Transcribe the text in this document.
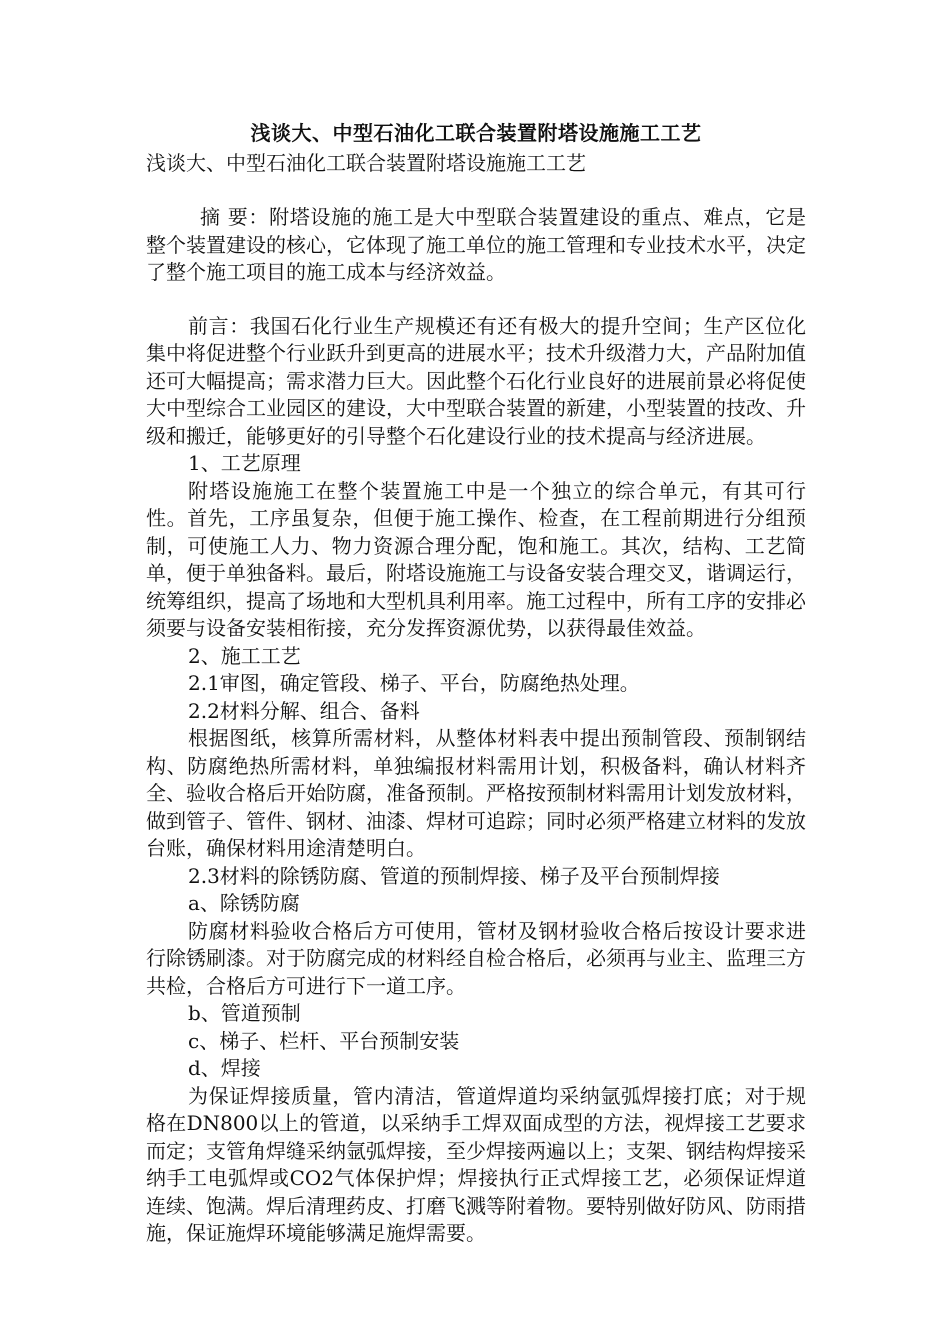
浅谈大、中型石油化工联合装置附塔设施施工工艺

浅谈大、中型石油化工联合装置附塔设施施工工艺

摘 要：附塔设施的施工是大中型联合装置建设的重点、难点，它是整个装置建设的核心，它体现了施工单位的施工管理和专业技术水平，决定了整个施工项目的施工成本与经济效益。

前言：我国石化行业生产规模还有还有极大的提升空间；生产区位化集中将促进整个行业跃升到更高的进展水平；技术升级潜力大，产品附加值还可大幅提高；需求潜力巨大。因此整个石化行业良好的进展前景必将促使大中型综合工业园区的建设，大中型联合装置的新建，小型装置的技改、升级和搬迁，能够更好的引导整个石化建设行业的技术提高与经济进展。

1、工艺原理

附塔设施施工在整个装置施工中是一个独立的综合单元，有其可行性。首先，工序虽复杂，但便于施工操作、检查，在工程前期进行分组预制，可使施工人力、物力资源合理分配，饱和施工。其次，结构、工艺简单，便于单独备料。最后，附塔设施施工与设备安装合理交叉，谐调运行，统筹组织，提高了场地和大型机具利用率。施工过程中，所有工序的安排必须要与设备安装相衔接，充分发挥资源优势，以获得最佳效益。

2、施工工艺

2.1审图，确定管段、梯子、平台，防腐绝热处理。

2.2材料分解、组合、备料

根据图纸，核算所需材料，从整体材料表中提出预制管段、预制钢结构、防腐绝热所需材料，单独编报材料需用计划，积极备料，确认材料齐全、验收合格后开始防腐，准备预制。严格按预制材料需用计划发放材料，做到管子、管件、钢材、油漆、焊材可追踪；同时必须严格建立材料的发放台账，确保材料用途清楚明白。

2.3材料的除锈防腐、管道的预制焊接、梯子及平台预制焊接

a、除锈防腐

防腐材料验收合格后方可使用，管材及钢材验收合格后按设计要求进行除锈刷漆。对于防腐完成的材料经自检合格后，必须再与业主、监理三方共检，合格后方可进行下一道工序。

b、管道预制

c、梯子、栏杆、平台预制安装

d、焊接

为保证焊接质量，管内清洁，管道焊道均采纳氩弧焊接打底；对于规格在DN800以上的管道，以采纳手工焊双面成型的方法，视焊接工艺要求而定；支管角焊缝采纳氩弧焊接，至少焊接两遍以上；支架、钢结构焊接采纳手工电弧焊或CO2气体保护焊；焊接执行正式焊接工艺，必须保证焊道连续、饱满。焊后清理药皮、打磨飞溅等附着物。要特别做好防风、防雨措施，保证施焊环境能够满足施焊需要。
